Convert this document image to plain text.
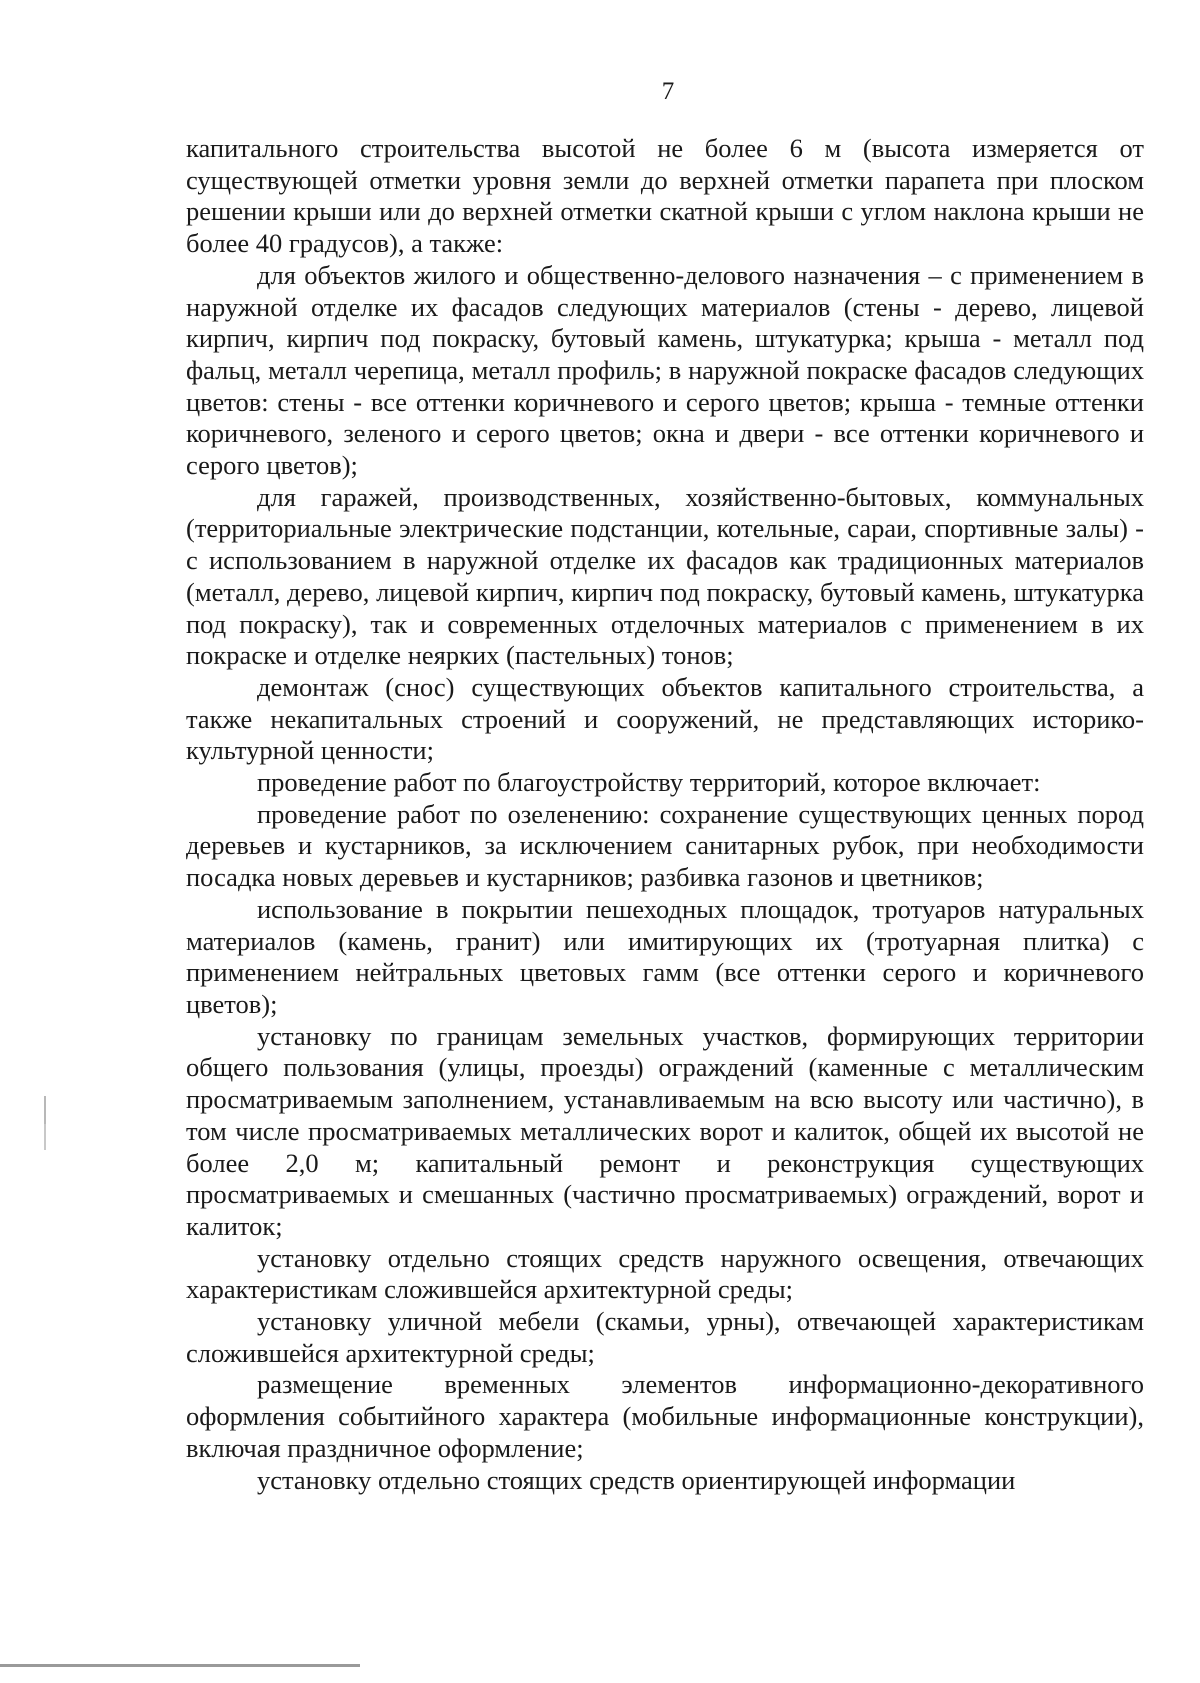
7

капитального строительства высотой не более 6 м (высота измеряется от существующей отметки уровня земли до верхней отметки парапета при плоском решении крыши или до верхней отметки скатной крыши с углом наклона крыши не более 40 градусов), а также:

для объектов жилого и общественно-делового назначения – с применением в наружной отделке их фасадов следующих материалов (стены - дерево, лицевой кирпич, кирпич под покраску, бутовый камень, штукатурка; крыша - металл под фальц, металл черепица, металл профиль; в наружной покраске фасадов следующих цветов: стены - все оттенки коричневого и серого цветов; крыша - темные оттенки коричневого, зеленого и серого цветов; окна и двери - все оттенки коричневого и серого цветов);

для гаражей, производственных, хозяйственно-бытовых, коммунальных (территориальные электрические подстанции, котельные, сараи, спортивные залы) - с использованием в наружной отделке их фасадов как традиционных материалов (металл, дерево, лицевой кирпич, кирпич под покраску, бутовый камень, штукатурка под покраску), так и современных отделочных материалов с применением в их покраске и отделке неярких (пастельных) тонов;

демонтаж (снос) существующих объектов капитального строительства, а также некапитальных строений и сооружений, не представляющих историко-культурной ценности;

проведение работ по благоустройству территорий, которое включает:

проведение работ по озеленению: сохранение существующих ценных пород деревьев и кустарников, за исключением санитарных рубок, при необходимости посадка новых деревьев и кустарников; разбивка газонов и цветников;

использование в покрытии пешеходных площадок, тротуаров натуральных материалов (камень, гранит) или имитирующих их (тротуарная плитка) с применением нейтральных цветовых гамм (все оттенки серого и коричневого цветов);

установку по границам земельных участков, формирующих территории общего пользования (улицы, проезды) ограждений (каменные с металлическим просматриваемым заполнением, устанавливаемым на всю высоту или частично), в том числе просматриваемых металлических ворот и калиток, общей их высотой не более 2,0 м; капитальный ремонт и реконструкция существующих просматриваемых и смешанных (частично просматриваемых) ограждений, ворот и калиток;

установку отдельно стоящих средств наружного освещения, отвечающих характеристикам сложившейся архитектурной среды;

установку уличной мебели (скамьи, урны), отвечающей характеристикам сложившейся архитектурной среды;

размещение временных элементов информационно-декоративного оформления событийного характера (мобильные информационные конструкции), включая праздничное оформление;

установку отдельно стоящих средств ориентирующей информации
